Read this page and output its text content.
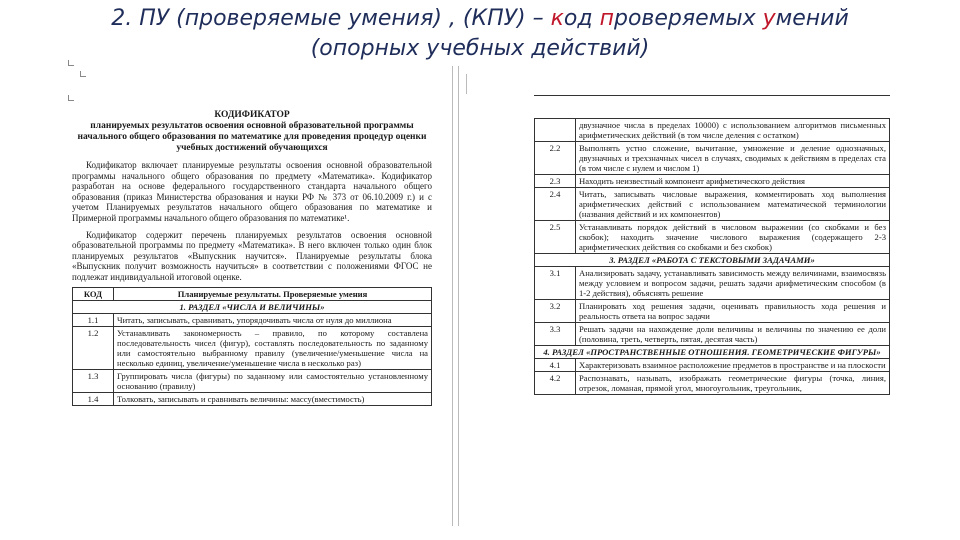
2. ПУ (проверяемые умения) , (КПУ) – код проверяемых умений
(опорных учебных действий)
КОДИФИКАТОР
планируемых результатов освоения основной образовательной программы начального общего образования по математике для проведения процедур оценки учебных достижений обучающихся
Кодификатор включает планируемые результаты освоения основной образовательной программы начального общего образования по предмету «Математика». Кодификатор разработан на основе федерального государственного стандарта начального общего образования (приказ Министерства образования и науки РФ № 373 от 06.10.2009 г.) и с учетом Планируемых результатов начального общего образования по математике и Примерной программы начального общего образования по математике¹.
Кодификатор содержит перечень планируемых результатов освоения основной образовательной программы по предмету «Математика». В него включен только один блок планируемых результатов «Выпускник научится». Планируемые результаты блока «Выпускник получит возможность научиться» в соответствии с положениями ФГОС не подлежат индивидуальной итоговой оценке.
КОД	Планируемые результаты. Проверяемые умения
1. РАЗДЕЛ «ЧИСЛА И ВЕЛИЧИНЫ»	
1.1	Читать, записывать, сравнивать, упорядочивать числа от нуля до миллиона
1.2	Устанавливать закономерность – правило, по которому составлена последовательность чисел (фигур), составлять последовательность по заданному или самостоятельно выбранному правилу (увеличение/уменьшение числа на несколько единиц, увеличение/уменьшение числа в несколько раз)
1.3	Группировать числа (фигуры) по заданному или самостоятельно установленному основанию (правилу)
1.4	Толковать, записывать и сравнивать величины: массу(вместимость)
	двузначное числа в пределах 10000) с использованием алгоритмов письменных арифметических действий (в том числе деления с остатком)
2.2	Выполнять устно сложение, вычитание, умножение и деление однозначных, двузначных и трехзначных чисел в случаях, сводимых к действиям в пределах ста (в том числе с нулем и числом 1)
2.3	Находить неизвестный компонент арифметического действия
2.4	Читать, записывать числовые выражения, комментировать ход выполнения арифметических действий с использованием математической терминологии (названия действий и их компонентов)
2.5	Устанавливать порядок действий в числовом выражении (со скобками и без скобок); находить значение числового выражения (содержащего 2-3 арифметических действия со скобками и без скобок)
3. РАЗДЕЛ «РАБОТА С ТЕКСТОВЫМИ ЗАДАЧАМИ»	
3.1	Анализировать задачу, устанавливать зависимость между величинами, взаимосвязь между условием и вопросом задачи, решать задачи арифметическим способом (в 1-2 действия), объяснять решение
3.2	Планировать ход решения задачи, оценивать правильность хода решения и реальность ответа на вопрос задачи
3.3	Решать задачи на нахождение доли величины и величины по значению ее доли (половина, треть, четверть, пятая, десятая часть)
4. РАЗДЕЛ «ПРОСТРАНСТВЕННЫЕ ОТНОШЕНИЯ. ГЕОМЕТРИЧЕСКИЕ ФИГУРЫ»	
4.1	Характеризовать взаимное расположение предметов в пространстве и на плоскости
4.2	Распознавать, называть, изображать геометрические фигуры (точка, линия, отрезок, ломаная, прямой угол, многоугольник, треугольник,
